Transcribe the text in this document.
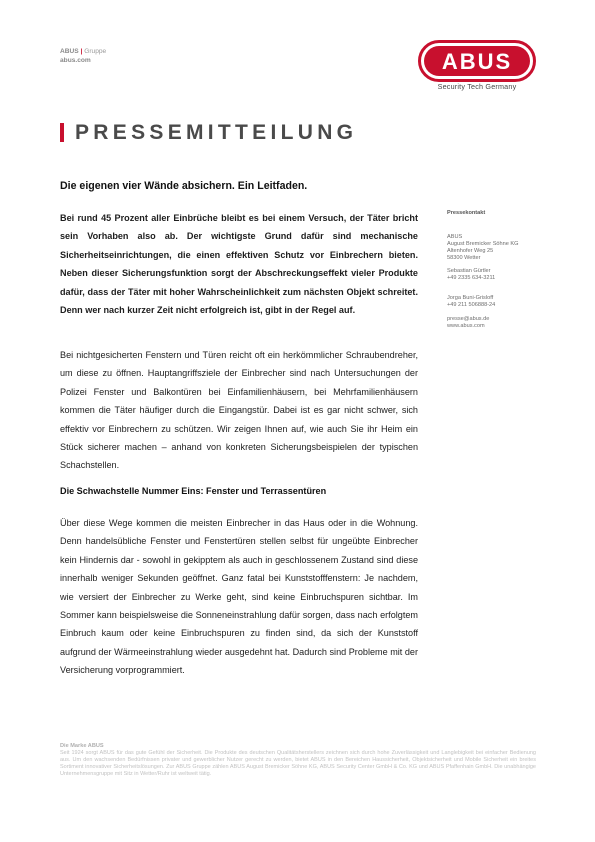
ABUS | Gruppe
abus.com	ABUS
Security Tech Germany
PRESSEMITTEILUNG
Die eigenen vier Wände absichern. Ein Leitfaden.
Bei rund 45 Prozent aller Einbrüche bleibt es bei einem Versuch, der Täter bricht sein Vorhaben also ab. Der wichtigste Grund dafür sind mechanische Sicherheitseinrichtungen, die einen effektiven Schutz vor Einbrechern bieten. Neben dieser Sicherungsfunktion sorgt der Abschreckungseffekt vieler Produkte dafür, dass der Täter mit hoher Wahrscheinlichkeit zum nächsten Objekt schreitet. Denn wer nach kurzer Zeit nicht erfolgreich ist, gibt in der Regel auf.
Bei nichtgesicherten Fenstern und Türen reicht oft ein herkömmlicher Schraubendreher, um diese zu öffnen. Hauptangriffsziele der Einbrecher sind nach Untersuchungen der Polizei Fenster und Balkontüren bei Einfamilienhäusern, bei Mehrfamilienhäusern kommen die Täter häufiger durch die Eingangstür. Dabei ist es gar nicht schwer, sich effektiv vor Einbrechern zu schützen. Wir zeigen Ihnen auf, wie auch Sie ihr Heim ein Stück sicherer machen – anhand von konkreten Sicherungsbeispielen der typischen Schachstellen.
Die Schwachstelle Nummer Eins: Fenster und Terrassentüren
Über diese Wege kommen die meisten Einbrecher in das Haus oder in die Wohnung. Denn handelsübliche Fenster und Fenstertüren stellen selbst für ungeübte Einbrecher kein Hindernis dar - sowohl in gekipptem als auch in geschlossenem Zustand sind diese innerhalb weniger Sekunden geöffnet. Ganz fatal bei Kunststofffenstern: Je nachdem, wie versiert der Einbrecher zu Werke geht, sind keine Einbruchspuren sichtbar. Im Sommer kann beispielsweise die Sonneneinstrahlung dafür sorgen, dass nach erfolgtem Einbruch kaum oder keine Einbruchspuren zu finden sind, da sich der Kunststoff aufgrund der Wärmeeinstrahlung wieder ausgedehnt hat. Dadurch sind Probleme mit der Versicherung vorprogrammiert.
Pressekontakt
ABUS
August Bremicker Söhne KG
Altenhofer Weg 25
58300 Wetter
Sebastian Gürtler
+49 2335 634-3211
Jorga Buni-Grisloff
+49 211 506888-24
presse@abus.de
www.abus.com
Die Marke ABUS
Seit 1924 sorgt ABUS für das gute Gefühl der Sicherheit. Die Produkte des deutschen Qualitätsherstellers zeichnen sich durch hohe Zuverlässigkeit und Langlebigkeit bei einfacher Bedienung aus. Um den wachsenden Bedürfnissen privater und gewerblicher Nutzer gerecht zu werden, bietet ABUS in den Bereichen Haussicherheit, Objektsicherheit und Mobile Sicherheit ein breites Sortiment innovativer Sicherheitslösungen. Zur ABUS Gruppe zählen ABUS August Bremicker Söhne KG, ABUS Security Center GmbH & Co. KG und ABUS Pfaffenhain GmbH. Die unabhängige Unternehmensgruppe mit Sitz in Wetter/Ruhr ist weltweit tätig.
